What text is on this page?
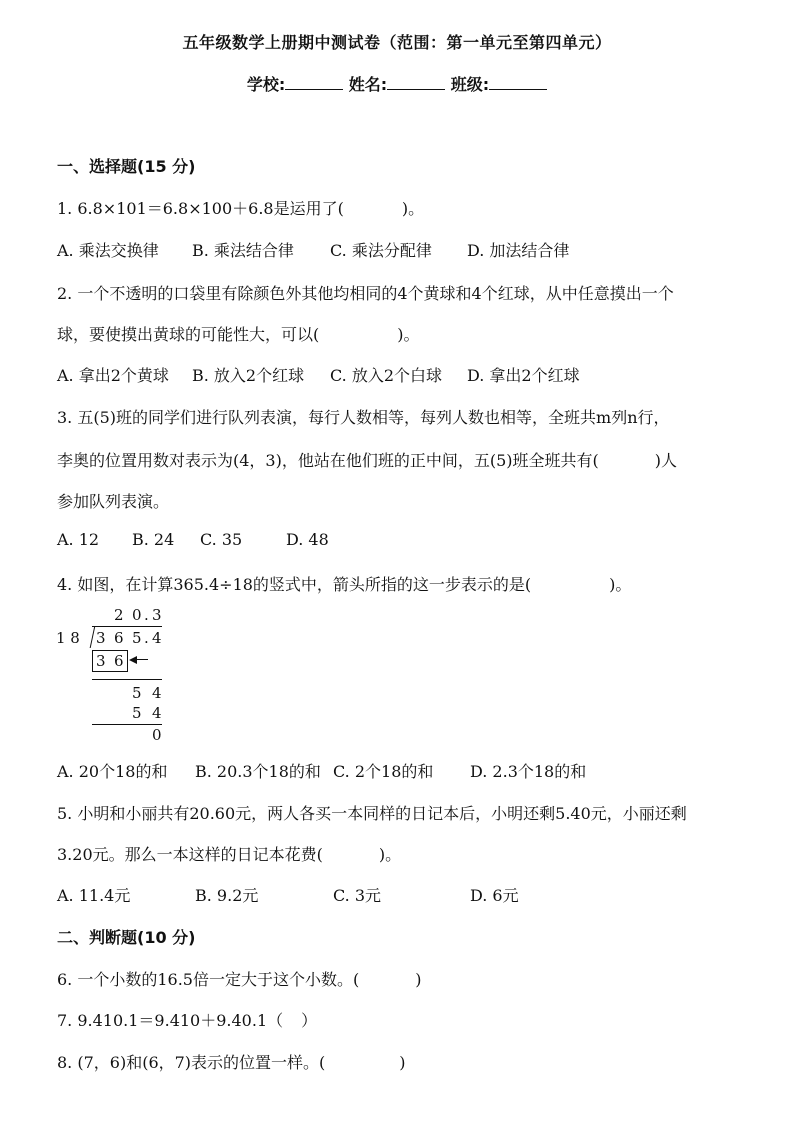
五年级数学上册期中测试卷（范围：第一单元至第四单元）
学校:	姓名:	班级:
一、选择题(15 分)
1. 6.8×101＝6.8×100＋6.8是运用了(	)。
A. 乘法交换律 B. 乘法结合律 C. 乘法分配律 D. 加法结合律
2. 一个不透明的口袋里有除颜色外其他均相同的4个黄球和4个红球，从中任意摸出一个
球，要使摸出黄球的可能性大，可以(	)。
A. 拿出2个黄球 B. 放入2个红球 C. 放入2个白球 D. 拿出2个红球
3. 五(5)班的同学们进行队列表演，每行人数相等，每列人数也相等，全班共m列n行，
李奥的位置用数对表示为(4，3)，他站在他们班的正中间，五(5)班全班共有(	)人
参加队列表演。
A. 12 B. 24 C. 35	D. 48
4. 如图，在计算365.4÷18的竖式中，箭头所指的这一步表示的是(	)。
2 0 . 3
1 8 3 6 5 . 4
3 6
5 4
5 4
0
A. 20个18的和 B. 20.3个18的和 C. 2个18的和 D. 2.3个18的和
5. 小明和小丽共有20.60元，两人各买一本同样的日记本后，小明还剩5.40元，小丽还剩
3.20元。那么一本这样的日记本花费(	)。
A. 11.4元	B. 9.2元	C. 3元	D. 6元
二、判断题(10 分)
6. 一个小数的16.5倍一定大于这个小数。(	)
7. 9.410.1＝9.410＋9.40.1（ ）
8. (7，6)和(6，7)表示的位置一样。(	)
